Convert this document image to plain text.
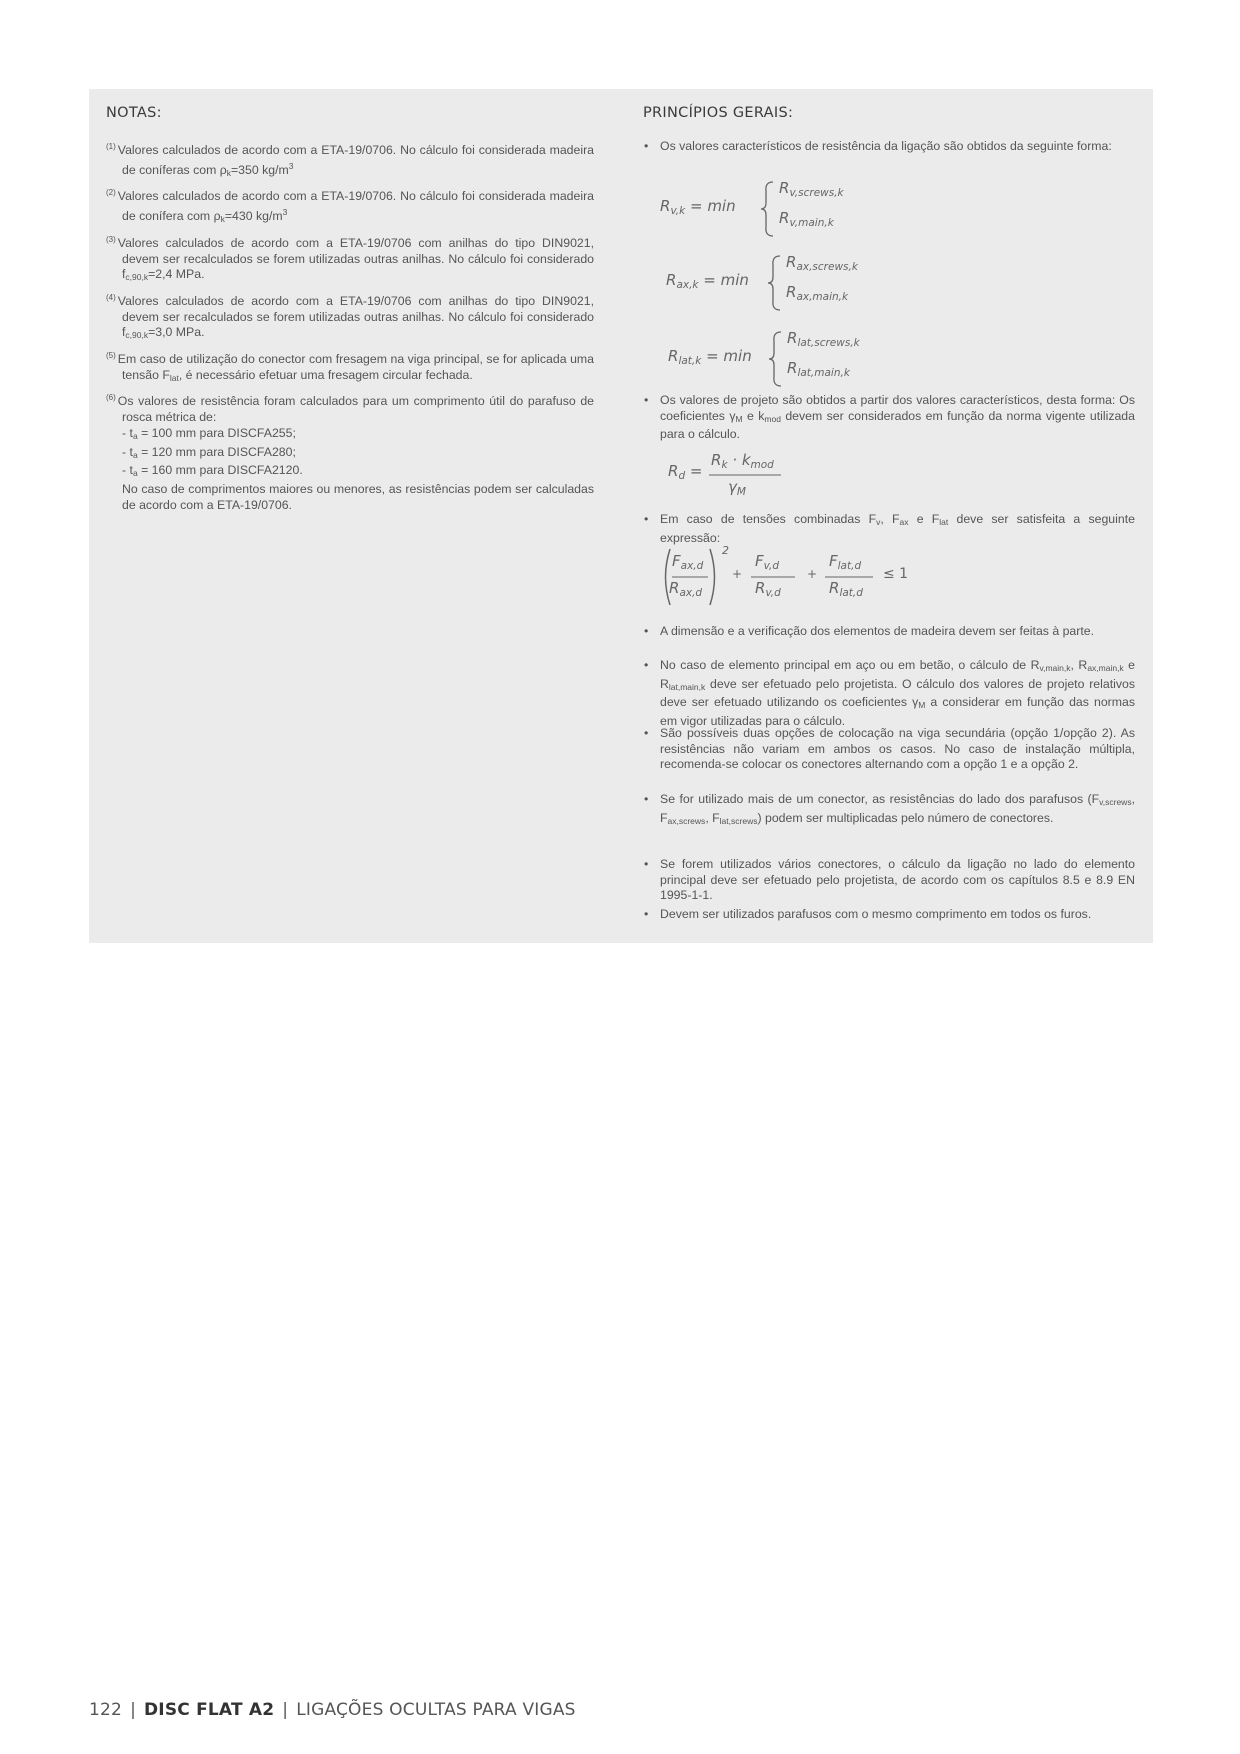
NOTAS:
$^{(1)}$ Valores calculados de acordo com a ETA-19/0706. No cálculo foi considerada madeira de coníferas com $\rho_k=350$ $kg/m^3$
$^{(2)}$ Valores calculados de acordo com a ETA-19/0706. No cálculo foi considerada madeira de conífera com $\rho_k=430$ $kg/m^3$
$^{(3)}$ Valores calculados de acordo com a ETA-19/0706 com anilhas do tipo DIN9021, devem ser recalculados se forem utilizadas outras anilhas. No cálculo foi considerado $f_{c,90,k}=2,4$ MPa.
$^{(4)}$ Valores calculados de acordo com a ETA-19/0706 com anilhas do tipo DIN9021, devem ser recalculados se forem utilizadas outras anilhas. No cálculo foi considerado $f_{c,90,k}=3,0$ MPa.
$^{(5)}$ Em caso de utilização do conector com fresagem na viga principal, se for aplicada uma tensão $F_{lat}$, é necessário efetuar uma fresagem circular fechada.
$^{(6)}$ Os valores de resistência foram calculados para um comprimento útil do parafuso de rosca métrica de:
- $t_a = 100$ mm para DISCFA255;
- $t_a = 120$ mm para DISCFA280;
- $t_a = 160$ mm para DISCFA2120.
No caso de comprimentos maiores ou menores, as resistências podem ser calculadas de acordo com a ETA-19/0706.
PRINCÍPIOS GERAIS:
• Os valores característicos de resistência da ligação são obtidos da seguinte forma:
$R_{v,k} = \min$
$R_{v,screws,k}$
$R_{v,main,k}$
$R_{ax,k} = \min$
$R_{ax,screws,k}$
$R_{ax,main,k}$
$R_{lat,k} = \min$
$R_{lat,screws,k}$
$R_{lat,main,k}$
• Os valores de projeto são obtidos a partir dos valores característicos, desta forma: Os coeficientes $\gamma_M$ e $k_{mod}$ devem ser considerados em função da norma vigente utilizada para o cálculo.
$R_d$ =
$R_k \cdot k_{mod}$
$\gamma_M$
• Em caso de tensões combinadas $F_v$, $F_{ax}$ e $F_{lat}$ deve ser satisfeita a seguinte expressão:
$F_{ax,d}$
$R_{ax,d}$
2
+
$F_{v,d}$
$R_{v,d}$
+
$F_{lat,d}$
$R_{lat,d}$
≤ 1
• A dimensão e a verificação dos elementos de madeira devem ser feitas à parte.
• No caso de elemento principal em aço ou em betão, o cálculo de $R_{v,main,k}$, $R_{ax,main,k}$ e $R_{lat,main,k}$ deve ser efetuado pelo projetista. O cálculo dos valores de projeto relativos deve ser efetuado utilizando os coeficientes $\gamma_M$ a considerar em função das normas em vigor utilizadas para o cálculo.
• São possíveis duas opções de colocação na viga secundária (opção 1/opção 2). As resistências não variam em ambos os casos. No caso de instalação múltipla, recomenda-se colocar os conectores alternando com a opção 1 e a opção 2.
• Se for utilizado mais de um conector, as resistências do lado dos parafusos ($F_{v,screws}$, $F_{ax,screws}$, $F_{lat,screws}$) podem ser multiplicadas pelo número de conectores.
• Se forem utilizados vários conectores, o cálculo da ligação no lado do elemento principal deve ser efetuado pelo projetista, de acordo com os capítulos 8.5 e 8.9 EN 1995-1-1.
• Devem ser utilizados parafusos com o mesmo comprimento em todos os furos.
122 | DISC FLAT A2 | LIGAÇÕES OCULTAS PARA VIGAS
